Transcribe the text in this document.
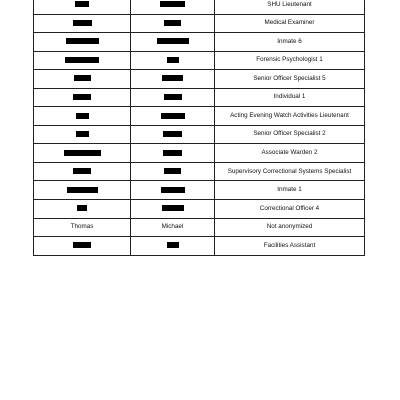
		SHU Lieutenant
		Medical Examiner
		Inmate 6
		Forensic Psychologist 1
		Senior Officer Specialist 5
		Individual 1
		Acting Evening Watch Activities Lieutenant
		Senior Officer Specialist 2
		Associate Warden 2
		Supervisory Correctional Systems Specialist
		Inmate 1
		Correctional Officer 4
Thomas	Michael	Not anonymized
		Facilities Assistant
